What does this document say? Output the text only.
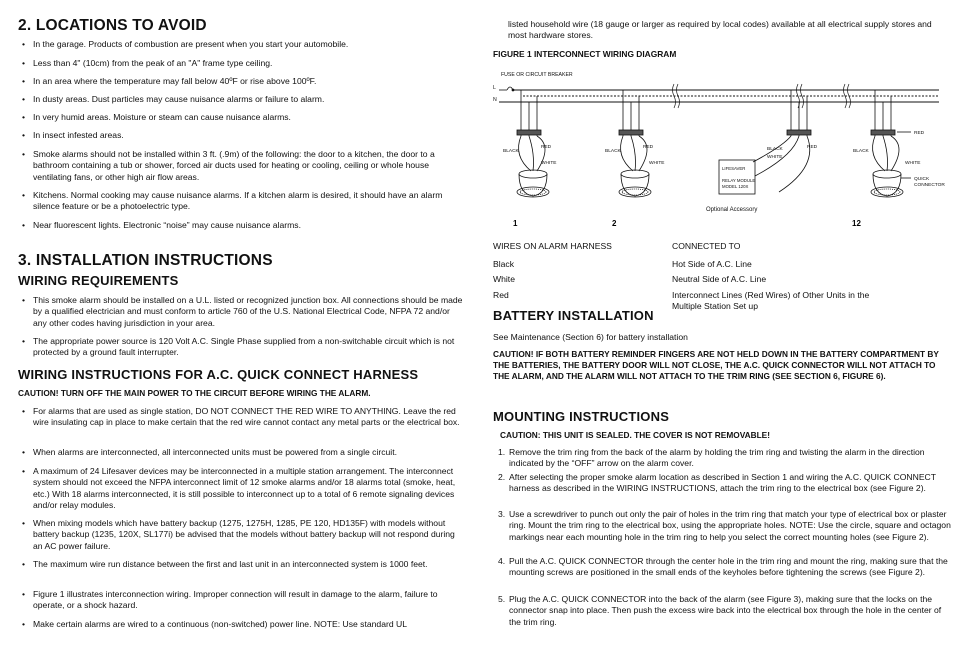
2. LOCATIONS TO AVOID
• In the garage. Products of combustion are present when you start your automobile.
• Less than 4" (10cm) from the peak of an "A" frame type ceiling.
• In an area where the temperature may fall below 40ºF or rise above 100ºF.
• In dusty areas. Dust particles may cause nuisance alarms or failure to alarm.
• In very humid areas. Moisture or steam can cause nuisance alarms.
• In insect infested areas.
• Smoke alarms should not be installed within 3 ft. (.9m) of the following: the door to a kitchen, the door to a bathroom containing a tub or shower, forced air ducts used for heating or cooling, ceiling or whole house ventilating fans, or other high air flow areas.
• Kitchens. Normal cooking may cause nuisance alarms. If a kitchen alarm is desired, it should have an alarm silence feature or be a photoelectric type.
• Near fluorescent lights. Electronic “noise” may cause nuisance alarms.
3. INSTALLATION INSTRUCTIONS
WIRING REQUIREMENTS
• This smoke alarm should be installed on a U.L. listed or recognized junction box. All connections should be made by a qualified electrician and must conform to article 760 of the U.S. National Electrical Code, NFPA 72 and/or any other codes having jurisdiction in your area.
• The appropriate power source is 120 Volt A.C. Single Phase supplied from a non-switchable circuit which is not protected by a ground fault interrupter.
WIRING INSTRUCTIONS FOR A.C. QUICK CONNECT HARNESS
CAUTION! TURN OFF THE MAIN POWER TO THE CIRCUIT BEFORE WIRING THE ALARM.
• For alarms that are used as single station, DO NOT CONNECT THE RED WIRE TO ANYTHING. Leave the red wire insulating cap in place to make certain that the red wire cannot contact any metal parts or the electrical box.
• When alarms are interconnected, all interconnected units must be powered from a single circuit.
• A maximum of 24 Lifesaver devices may be interconnected in a multiple station arrangement. The interconnect system should not exceed the NFPA interconnect limit of 12 smoke alarms and/or 18 alarms total (smoke, heat, etc.) With 18 alarms interconnected, it is still possible to interconnect up to a total of 6 remote signaling devices and/or relay modules.
• When mixing models which have battery backup (1275, 1275H, 1285, PE 120, HD135F) with models without battery backup (1235, 120X, SL177i) be advised that the models without battery backup will not respond during an AC power failure.
• The maximum wire run distance between the first and last unit in an interconnected system is 1000 feet.
• Figure 1 illustrates interconnection wiring. Improper connection will result in damage to the alarm, failure to operate, or a shock hazard.
• Make certain alarms are wired to a continuous (non-switched) power line. NOTE: Use standard UL
listed household wire (18 gauge or larger as required by local codes) available at all electrical supply stores and most hardware stores.
FIGURE 1 INTERCONNECT WIRING DIAGRAM
FUSE OR CIRCUIT BREAKER
L
N
RED
BLACK
WHITE
1
RED
BLACK
WHITE
2
BLACK
WHITE
RED
LIFESAVER
RELAY MODULE
MODEL 120X
Optional Accessory
RED
BLACK
WHITE
QUICK
CONNECTOR
12
WIRES ON ALARM HARNESS	CONNECTED TO
Black	Hot Side of A.C. Line
White	Neutral Side of A.C. Line
Red	Interconnect Lines (Red Wires) of Other Units in the Multiple Station Set up
BATTERY INSTALLATION
See Maintenance (Section 6) for battery installation
CAUTION! IF BOTH BATTERY REMINDER FINGERS ARE NOT HELD DOWN IN THE BATTERY COMPARTMENT BY THE BATTERIES, THE BATTERY DOOR WILL NOT CLOSE, THE A.C. QUICK CONNECTOR WILL NOT ATTACH TO THE ALARM, AND THE ALARM WILL NOT ATTACH TO THE TRIM RING (SEE SECTION 6, FIGURE 6).
MOUNTING INSTRUCTIONS
CAUTION: THIS UNIT IS SEALED. THE COVER IS NOT REMOVABLE!
1. Remove the trim ring from the back of the alarm by holding the trim ring and twisting the alarm in the direction indicated by the “OFF” arrow on the alarm cover.
2. After selecting the proper smoke alarm location as described in Section 1 and wiring the A.C. QUICK CONNECT harness as described in the WIRING INSTRUCTIONS, attach the trim ring to the electrical box (see Figure 2).
3. Use a screwdriver to punch out only the pair of holes in the trim ring that match your type of electrical box or plaster ring. Mount the trim ring to the electrical box, using the appropriate holes. NOTE: Use the circle, square and octagon markings near each mounting hole in the trim ring to help you select the correct mounting holes (see Figure 2).
4. Pull the A.C. QUICK CONNECTOR through the center hole in the trim ring and mount the ring, making sure that the mounting screws are positioned in the small ends of the keyholes before tightening the screws (see Figure 2).
5. Plug the A.C. QUICK CONNECTOR into the back of the alarm (see Figure 3), making sure that the locks on the connector snap into place. Then push the excess wire back into the electrical box through the hole in the center of the trim ring.
